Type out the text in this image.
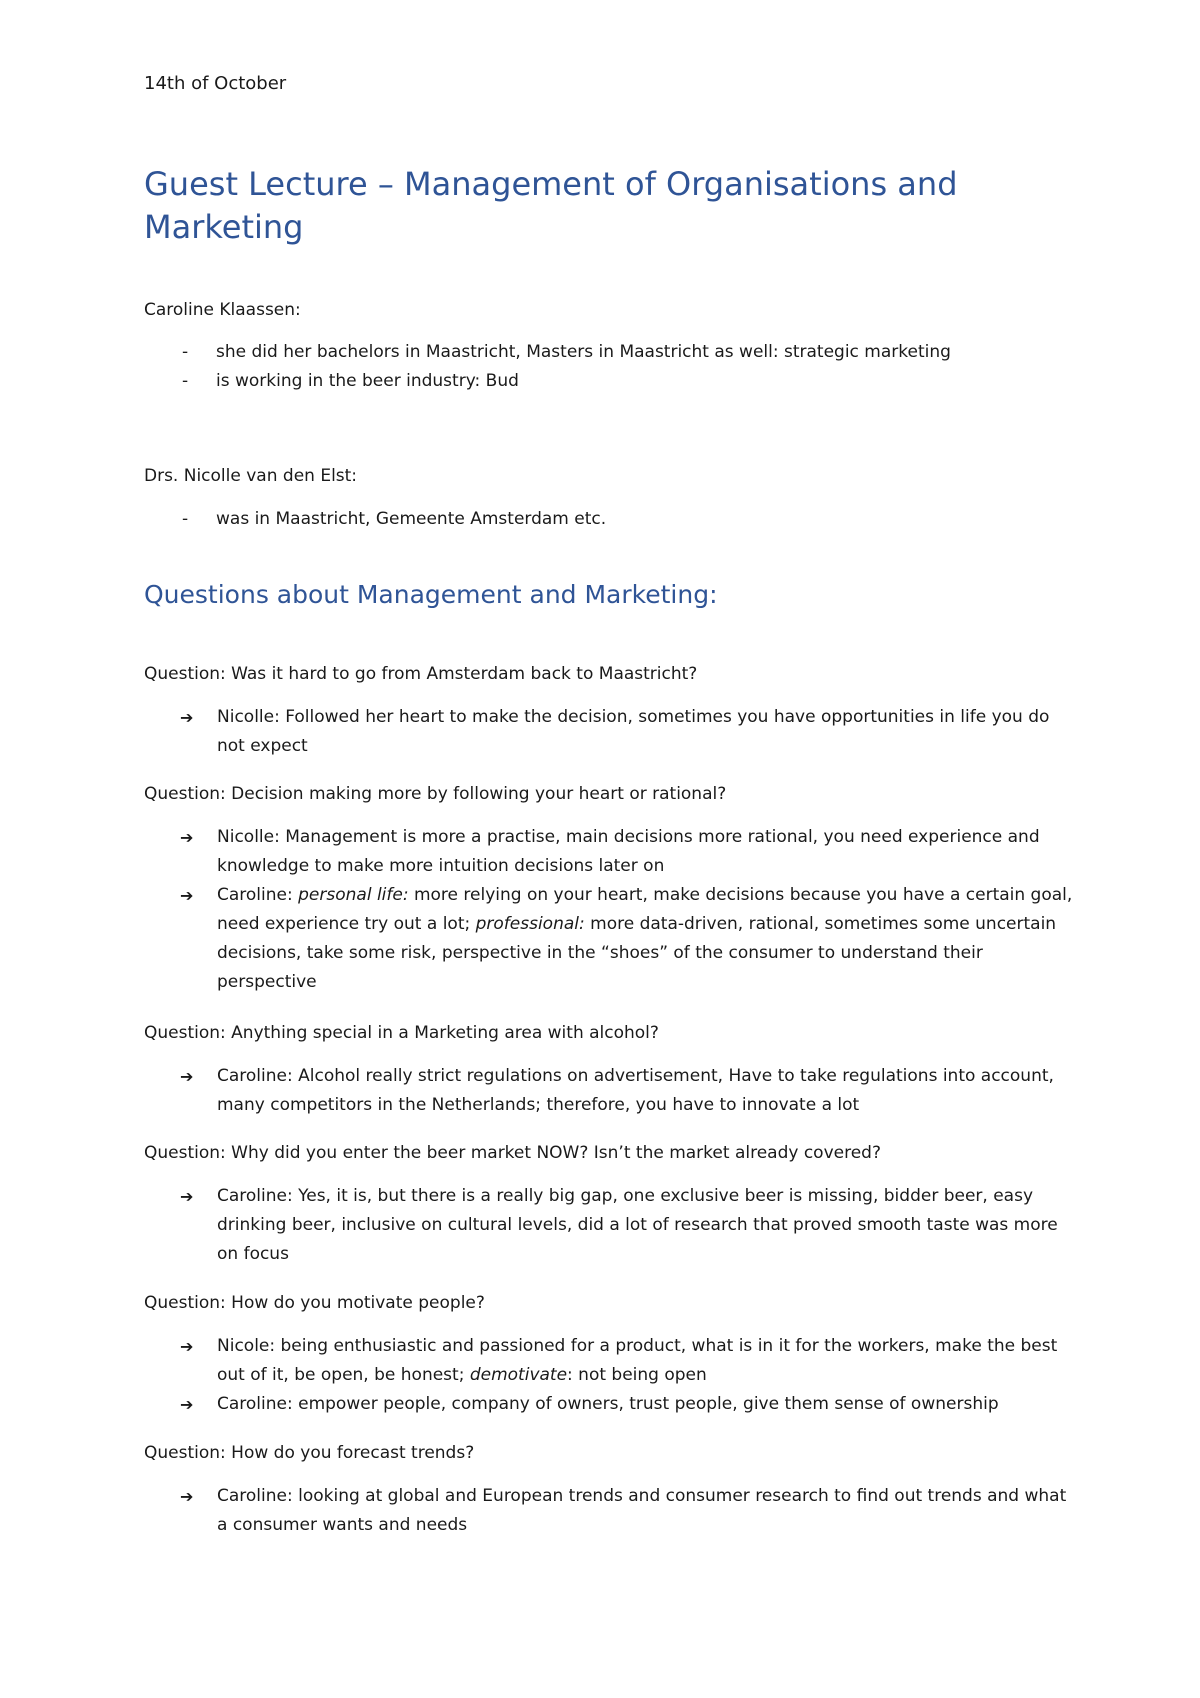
14th of October
Guest Lecture – Management of Organisations and Marketing
Caroline Klaassen:
- she did her bachelors in Maastricht, Masters in Maastricht as well: strategic marketing
- is working in the beer industry: Bud
Drs. Nicolle van den Elst:
- was in Maastricht, Gemeente Amsterdam etc.
Questions about Management and Marketing:
Question: Was it hard to go from Amsterdam back to Maastricht?
➔ Nicolle: Followed her heart to make the decision, sometimes you have opportunities in life you do not expect
Question: Decision making more by following your heart or rational?
➔ Nicolle: Management is more a practise, main decisions more rational, you need experience and knowledge to make more intuition decisions later on
➔ Caroline: personal life: more relying on your heart, make decisions because you have a certain goal, need experience try out a lot; professional: more data-driven, rational, sometimes some uncertain decisions, take some risk, perspective in the “shoes” of the consumer to understand their perspective
Question: Anything special in a Marketing area with alcohol?
➔ Caroline: Alcohol really strict regulations on advertisement, Have to take regulations into account, many competitors in the Netherlands; therefore, you have to innovate a lot
Question: Why did you enter the beer market NOW? Isn’t the market already covered?
➔ Caroline: Yes, it is, but there is a really big gap, one exclusive beer is missing, bidder beer, easy drinking beer, inclusive on cultural levels, did a lot of research that proved smooth taste was more on focus
Question: How do you motivate people?
➔ Nicole: being enthusiastic and passioned for a product, what is in it for the workers, make the best out of it, be open, be honest; demotivate: not being open
➔ Caroline: empower people, company of owners, trust people, give them sense of ownership
Question: How do you forecast trends?
➔ Caroline: looking at global and European trends and consumer research to find out trends and what a consumer wants and needs
